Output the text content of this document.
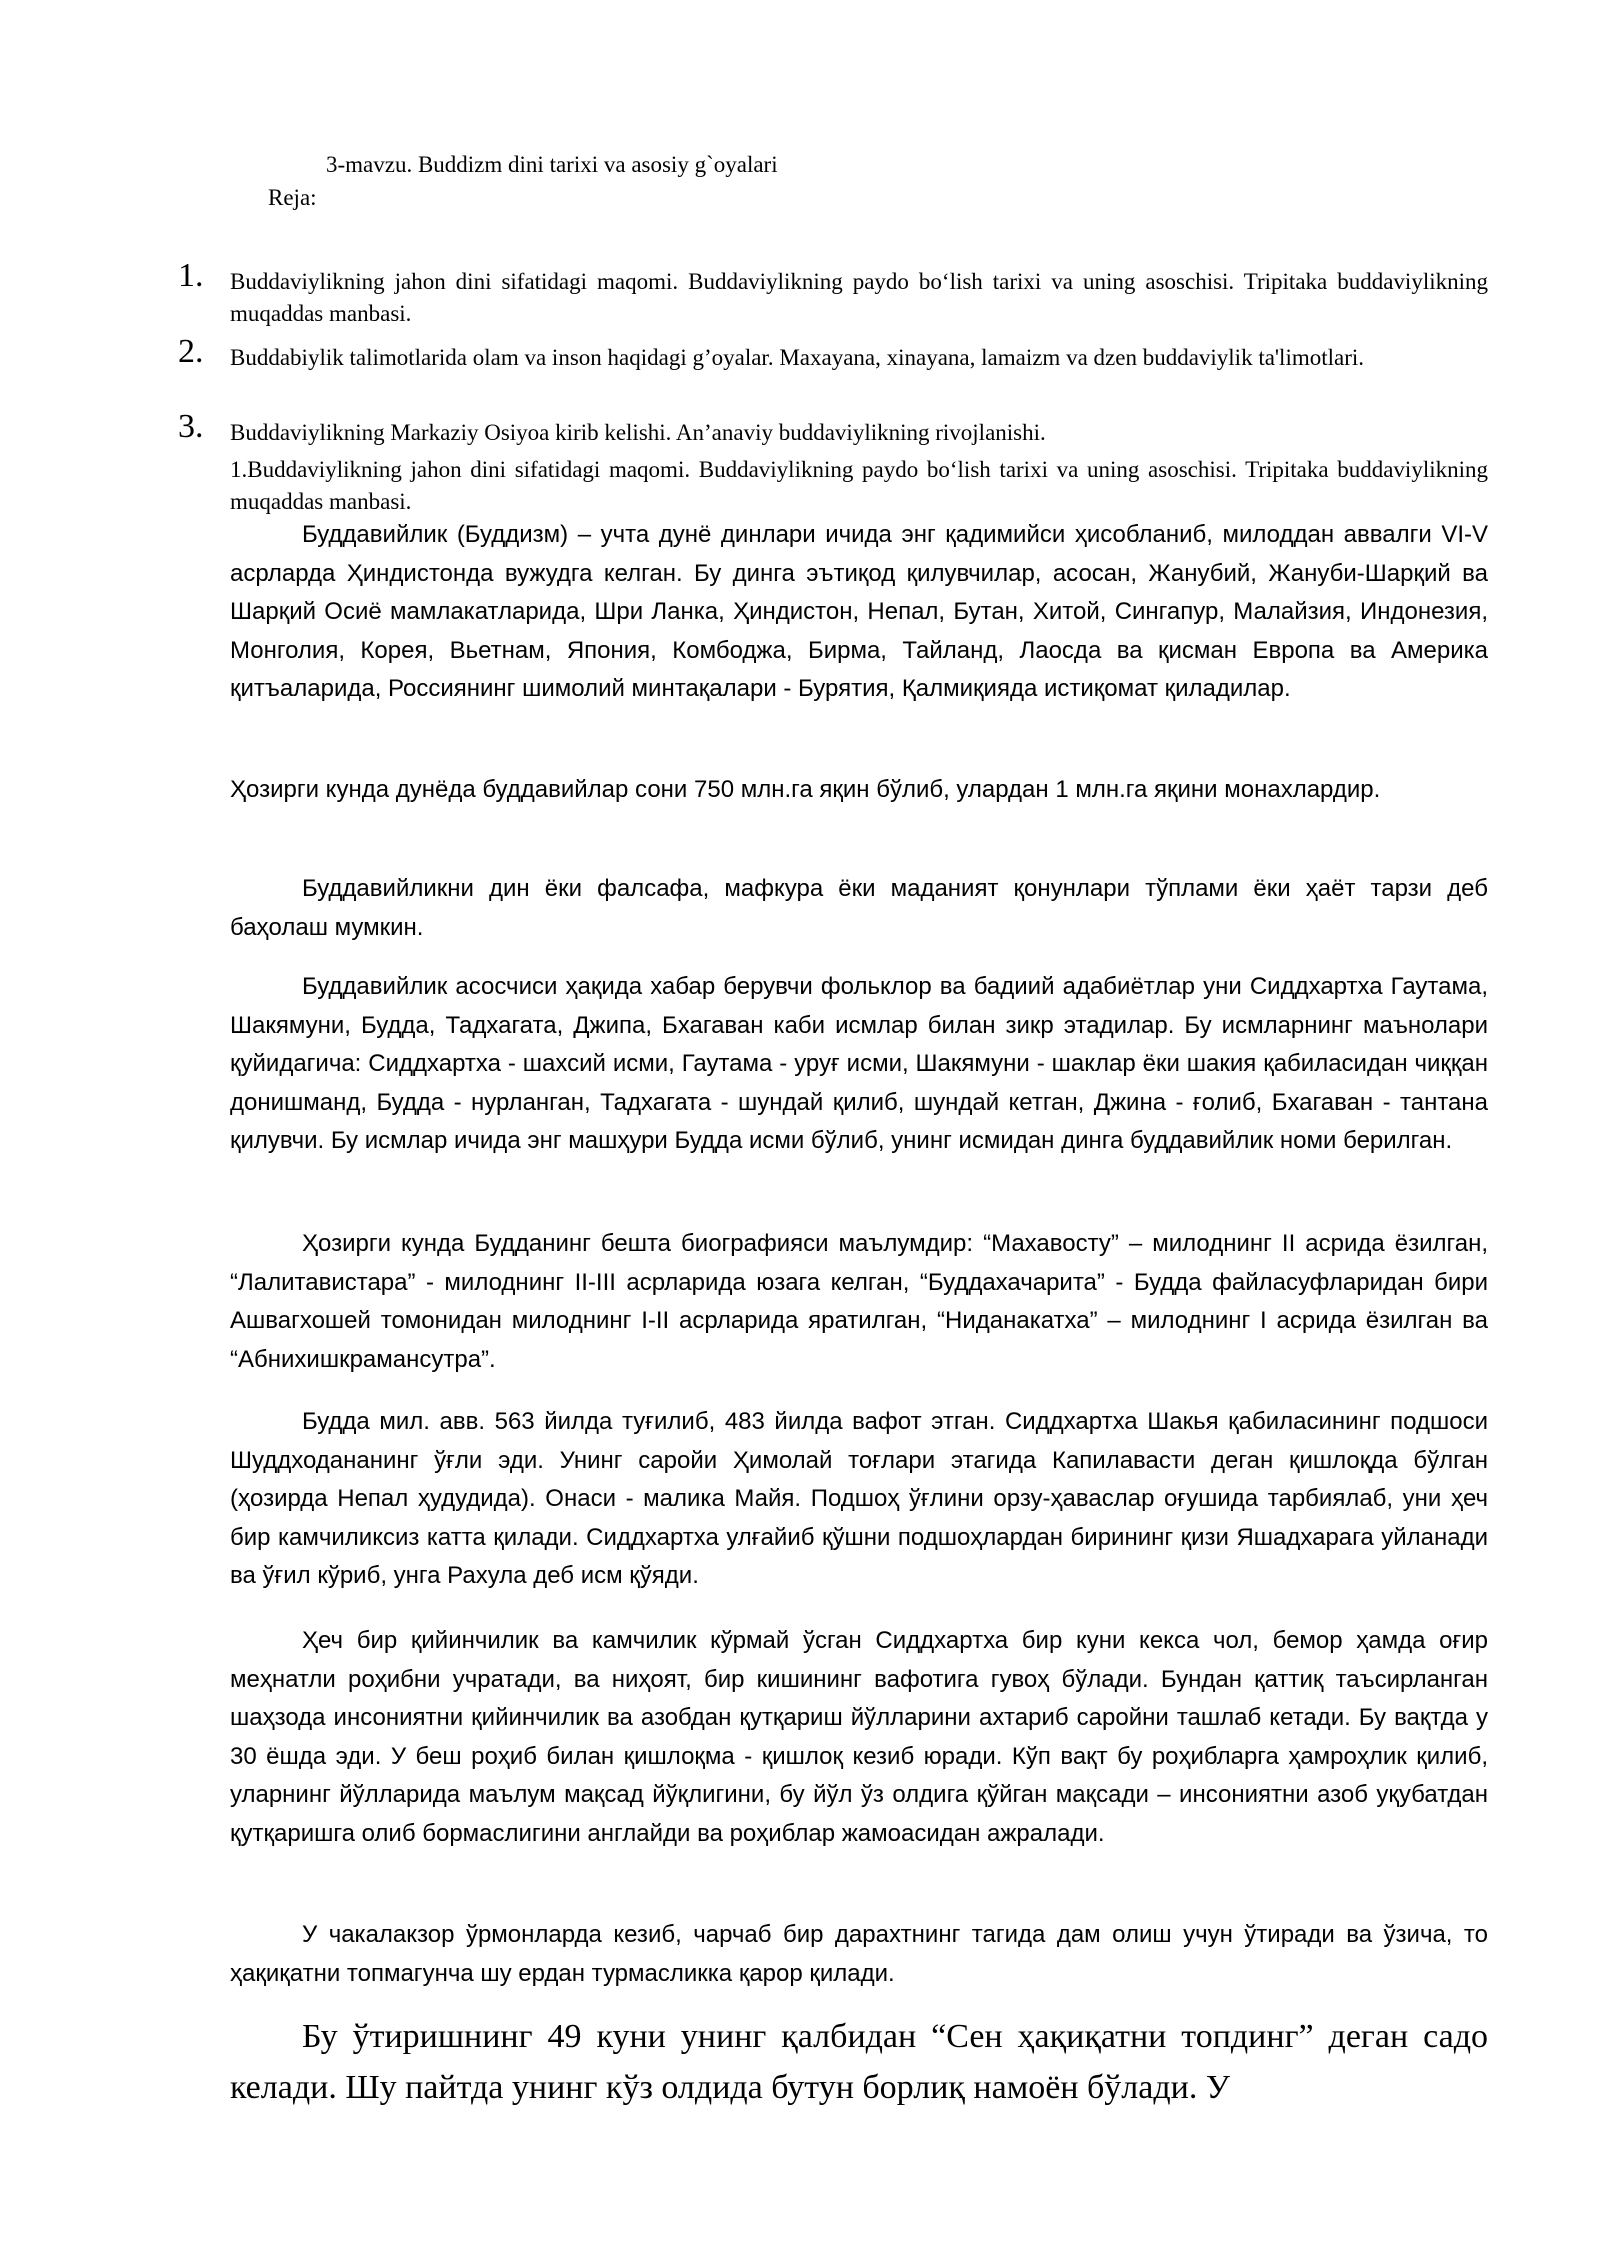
3-mavzu. Buddizm dini tarixi va asosiy g`oyalari
Reja:
1. Buddaviylikning jahon dini sifatidagi maqomi. Buddaviylikning paydo bo‘lish tarixi va uning asoschisi. Tripitaka buddaviylikning muqaddas manbasi.
2. Buddabiylik talimotlarida olam va inson haqidagi g’oyalar. Maxayana, xinayana, lamaizm va dzen buddaviylik ta'limotlari.
3. Buddaviylikning Markaziy Osiyoa kirib kelishi. An’anaviy buddaviylikning rivojlanishi.
1.Buddaviylikning jahon dini sifatidagi maqomi. Buddaviylikning paydo bo‘lish tarixi va uning asoschisi. Tripitaka buddaviylikning muqaddas manbasi.

Буддавийлик (Буддизм) – учта дунё динлари ичида энг қадимийси ҳисобланиб, милоддан аввалги VI-V асрларда Ҳиндистонда вужудга келган. Бу динга эътиқод қилувчилар, асосан, Жанубий, Жануби-Шарқий ва Шарқий Осиё мамлакатларида, Шри Ланка, Ҳиндистон, Непал, Бутан, Хитой, Сингапур, Малайзия, Индонезия, Монголия, Корея, Вьетнам, Япония, Комбоджа, Бирма, Тайланд, Лаосда ва қисман Европа ва Америка қитъаларида, Россиянинг шимолий минтақалари - Бурятия, Қалмиқияда истиқомат қиладилар.

Ҳозирги кунда дунёда буддавийлар сони 750 млн.га яқин бўлиб, улардан 1 млн.га яқини монахлардир.

Буддавийликни дин ёки фалсафа, мафкура ёки маданият қонунлари тўплами ёки ҳаёт тарзи деб баҳолаш мумкин.

Буддавийлик асосчиси ҳақида хабар берувчи фольклор ва бадиий адабиётлар уни Сиддхартха Гаутама, Шакямуни, Будда, Тадхагата, Джипа, Бхагаван каби исмлар билан зикр этадилар. Бу исмларнинг маънолари қуйидагича: Сиддхартха - шахсий исми, Гаутама - уруғ исми, Шакямуни - шаклар ёки шакия қабиласидан чиққан донишманд, Будда - нурланган, Тадхагата - шундай қилиб, шундай кетган, Джина - ғолиб, Бхагаван - тантана қилувчи. Бу исмлар ичида энг машҳури Будда исми бўлиб, унинг исмидан динга буддавийлик номи берилган.

Ҳозирги кунда Будданинг бешта биографияси маълумдир: “Махавосту” – милоднинг II асрида ёзилган, “Лалитавистара” - милоднинг II-III асрларида юзага келган, “Буддахачарита” - Будда файласуфларидан бири Ашвагхошей томонидан милоднинг I-II асрларида яратилган, “Ниданакатха” – милоднинг I асрида ёзилган ва “Абнихишкрамансутра”.

Будда мил. авв. 563 йилда туғилиб, 483 йилда вафот этган. Сиддхартха Шакья қабиласининг подшоси Шуддходананинг ўғли эди. Унинг саройи Ҳимолай тоғлари этагида Капилавасти деган қишлоқда бўлган (ҳозирда Непал ҳудудида). Онаси - малика Майя. Подшоҳ ўғлини орзу-ҳаваслар оғушида тарбиялаб, уни ҳеч бир камчиликсиз катта қилади. Сиддхартха улғайиб қўшни подшоҳлардан бирининг қизи Яшадхарага уйланади ва ўғил кўриб, унга Рахула деб исм қўяди.

Ҳеч бир қийинчилик ва камчилик кўрмай ўсган Сиддхартха бир куни кекса чол, бемор ҳамда оғир меҳнатли роҳибни учратади, ва ниҳоят, бир кишининг вафотига гувоҳ бўлади. Бундан қаттиқ таъсирланган шаҳзода инсониятни қийинчилик ва азобдан қутқариш йўлларини ахтариб саройни ташлаб кетади. Бу вақтда у 30 ёшда эди. У беш роҳиб билан қишлоқма - қишлоқ кезиб юради. Кўп вақт бу роҳибларга ҳамроҳлик қилиб, уларнинг йўлларида маълум мақсад йўқлигини, бу йўл ўз олдига қўйган мақсади – инсониятни азоб уқубатдан қутқаришга олиб бормаслигини англайди ва роҳиблар жамоасидан ажралади.

У чакалакзор ўрмонларда кезиб, чарчаб бир дарахтнинг тагида дам олиш учун ўтиради ва ўзича, то ҳақиқатни топмагунча шу ердан турмасликка қарор қилади.

Бу ўтиришнинг 49 куни унинг қалбидан “Сен ҳақиқатни топдинг” деган садо келади. Шу пайтда унинг кўз олдида бутун борлиқ намоён бўлади. У
